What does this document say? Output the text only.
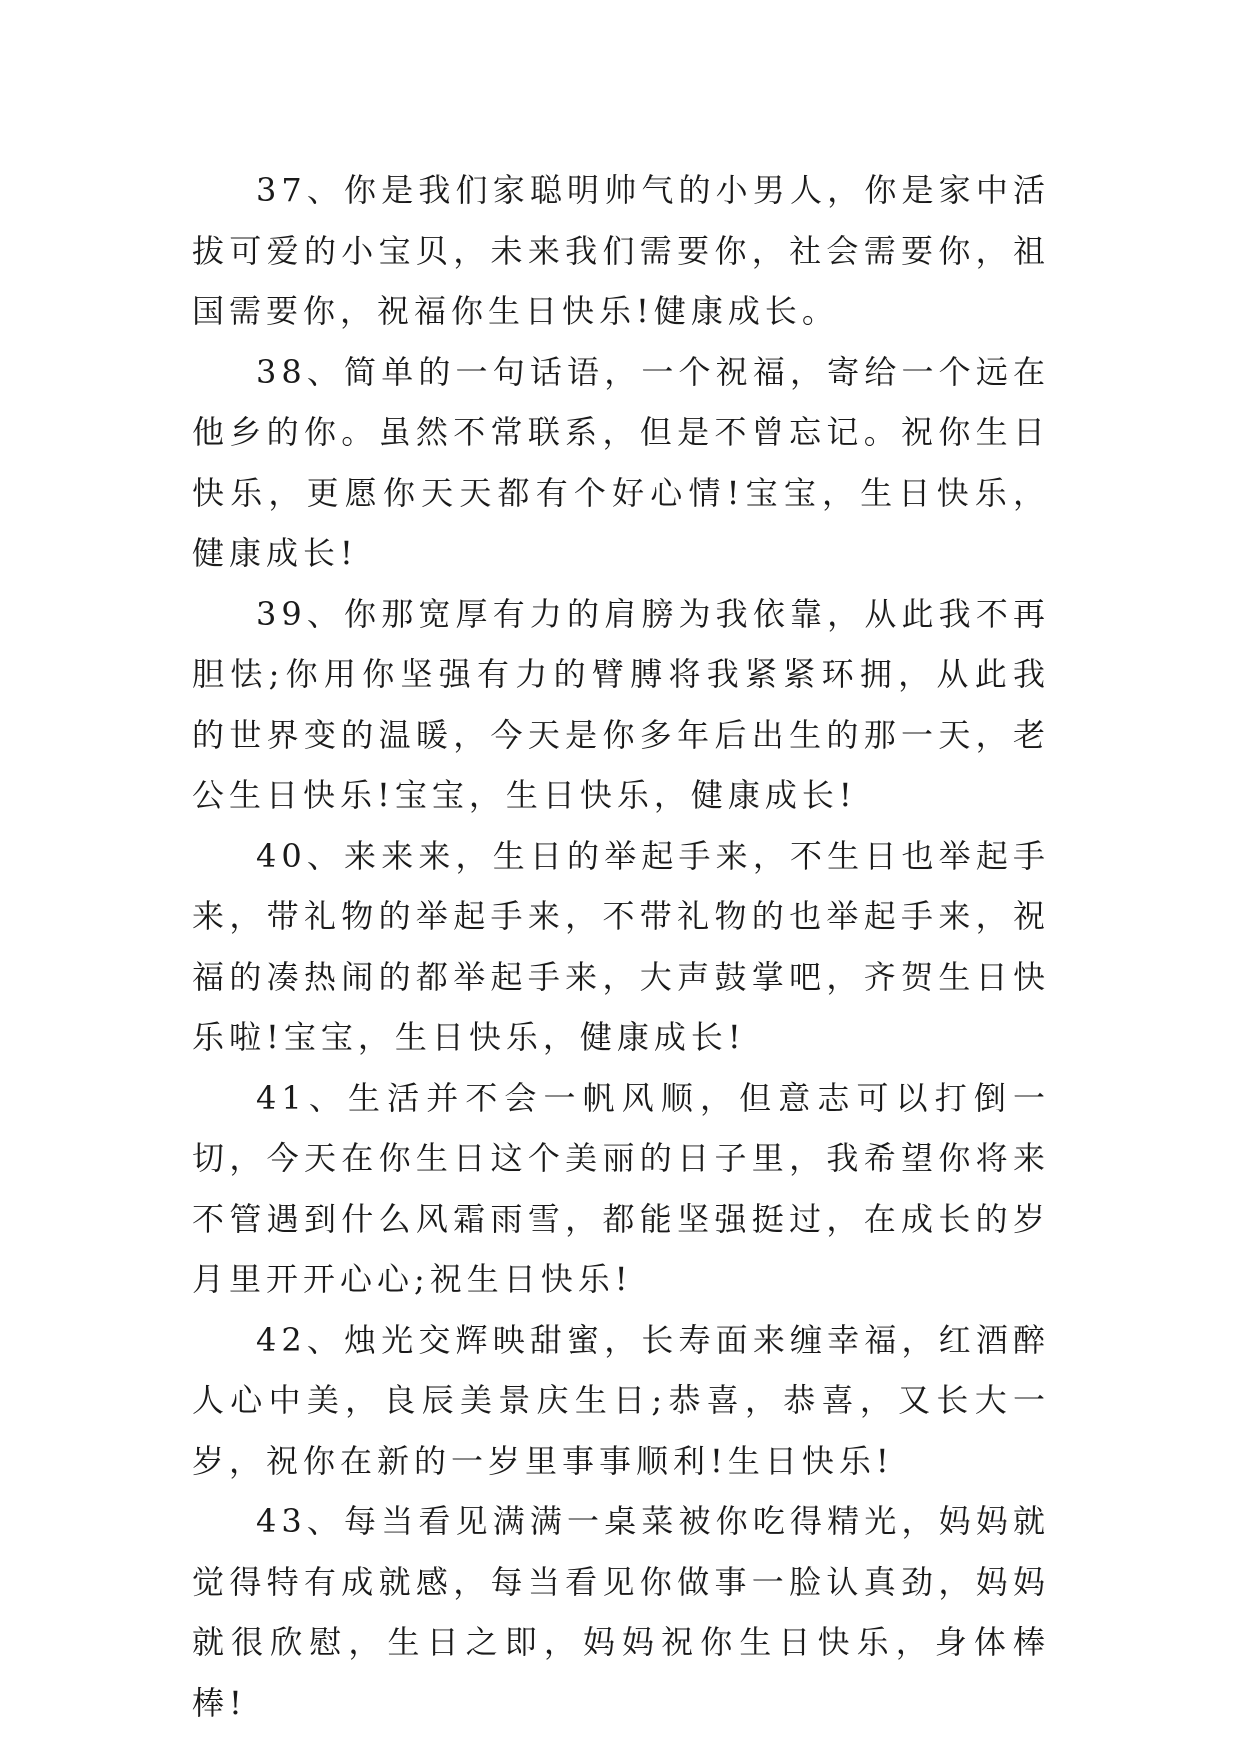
37、你是我们家聪明帅气的小男人，你是家中活拔可爱的小宝贝，未来我们需要你，社会需要你，祖国需要你，祝福你生日快乐!健康成长。

38、简单的一句话语，一个祝福，寄给一个远在他乡的你。虽然不常联系，但是不曾忘记。祝你生日快乐，更愿你天天都有个好心情!宝宝，生日快乐，健康成长!

39、你那宽厚有力的肩膀为我依靠，从此我不再胆怯;你用你坚强有力的臂膊将我紧紧环拥，从此我的世界变的温暖，今天是你多年后出生的那一天，老公生日快乐!宝宝，生日快乐，健康成长!

40、来来来，生日的举起手来，不生日也举起手来，带礼物的举起手来，不带礼物的也举起手来，祝福的凑热闹的都举起手来，大声鼓掌吧，齐贺生日快乐啦!宝宝，生日快乐，健康成长!

41、生活并不会一帆风顺，但意志可以打倒一切，今天在你生日这个美丽的日子里，我希望你将来不管遇到什么风霜雨雪，都能坚强挺过，在成长的岁月里开开心心;祝生日快乐!

42、烛光交辉映甜蜜，长寿面来缠幸福，红酒醉人心中美，良辰美景庆生日;恭喜，恭喜，又长大一岁，祝你在新的一岁里事事顺利!生日快乐!

43、每当看见满满一桌菜被你吃得精光，妈妈就觉得特有成就感，每当看见你做事一脸认真劲，妈妈就很欣慰，生日之即，妈妈祝你生日快乐，身体棒棒!
